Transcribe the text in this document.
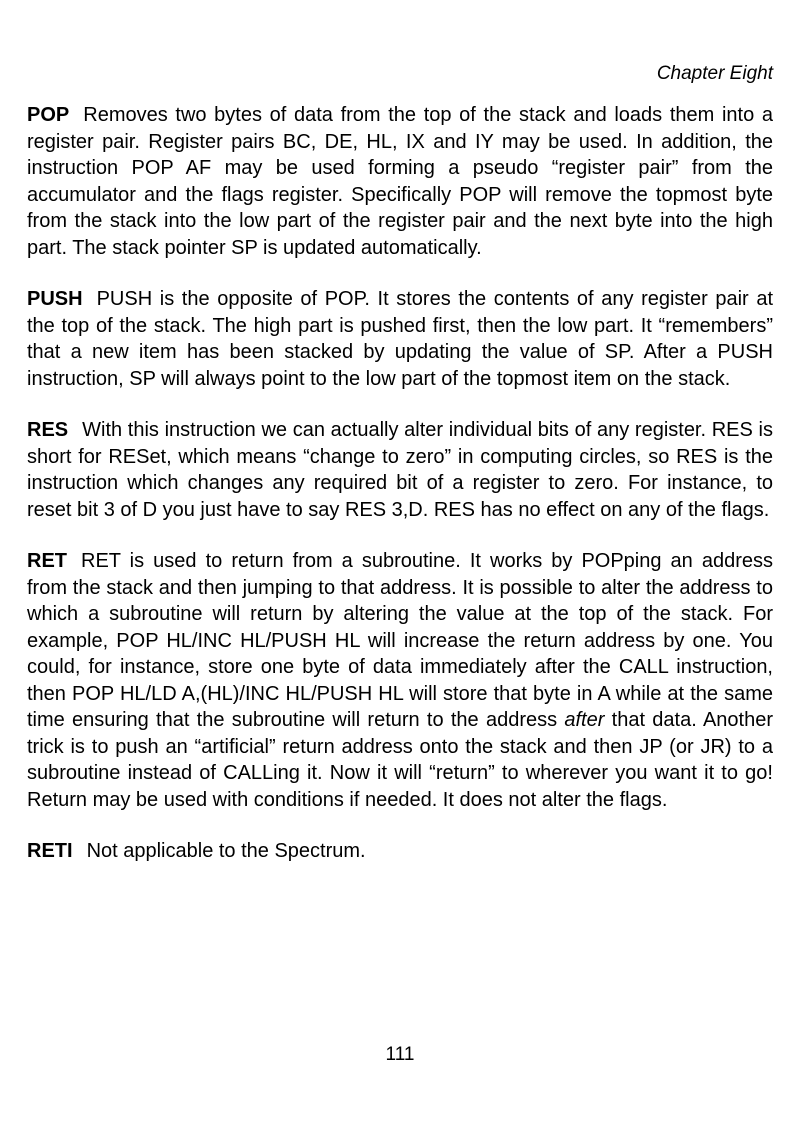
Chapter Eight

POP Removes two bytes of data from the top of the stack and loads them into a register pair. Register pairs BC, DE, HL, IX and IY may be used. In addition, the instruction POP AF may be used forming a pseudo “register pair” from the accumulator and the flags register. Specifically POP will remove the topmost byte from the stack into the low part of the register pair and the next byte into the high part. The stack pointer SP is updated automatically.

PUSH PUSH is the opposite of POP. It stores the contents of any register pair at the top of the stack. The high part is pushed first, then the low part. It “remembers” that a new item has been stacked by updating the value of SP. After a PUSH instruction, SP will always point to the low part of the topmost item on the stack.

RES With this instruction we can actually alter individual bits of any register. RES is short for RESet, which means “change to zero” in computing circles, so RES is the instruction which changes any required bit of a register to zero. For instance, to reset bit 3 of D you just have to say RES 3,D. RES has no effect on any of the flags.

RET RET is used to return from a subroutine. It works by POPping an address from the stack and then jumping to that address. It is possible to alter the address to which a subroutine will return by altering the value at the top of the stack. For example, POP HL/INC HL/PUSH HL will increase the return address by one. You could, for instance, store one byte of data immediately after the CALL instruction, then POP HL/LD A,(HL)/INC HL/PUSH HL will store that byte in A while at the same time ensuring that the subroutine will return to the address after that data. Another trick is to push an “artificial” return address onto the stack and then JP (or JR) to a subroutine instead of CALLing it. Now it will “return” to wherever you want it to go! Return may be used with conditions if needed. It does not alter the flags.

RETI Not applicable to the Spectrum.

111
